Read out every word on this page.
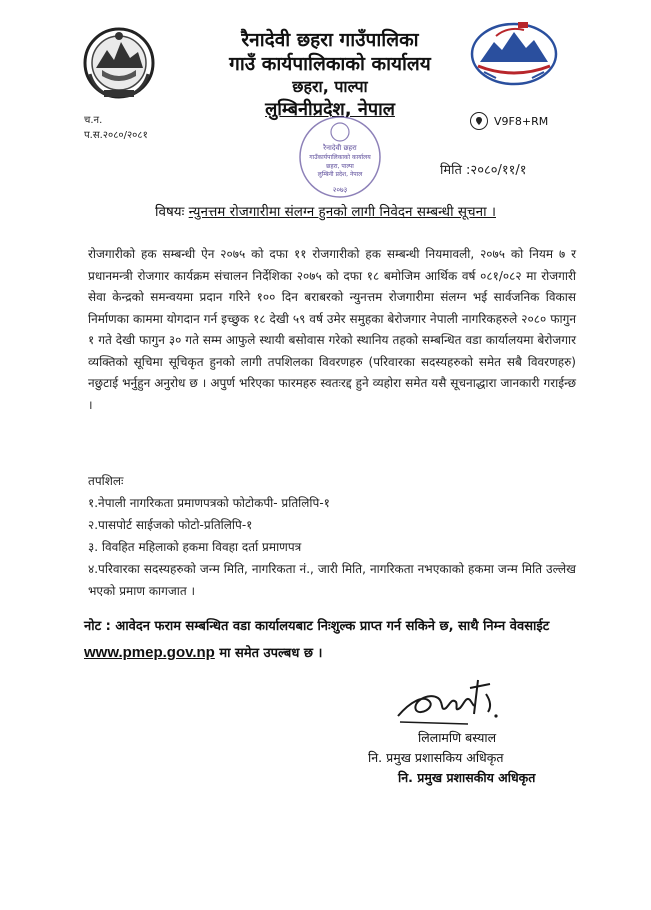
रैनादेवी छहरा गाउँपालिका
गाउँ कार्यपालिकाको कार्यालय
छहरा, पाल्पा
लुम्बिनीप्रदेश, नेपाल
च.न.
प.स.२०८०/२०८१
V9F8+RM
रैनादेवी छहरा
गाउँकार्यपालिकाको कार्यालय
छहरा, पाल्पा
लुम्बिनी प्रदेश, नेपाल
२०७३
मिति :२०८०/११/१
विषयः न्युनत्तम रोजगारीमा संलग्न हुनको लागी निवेदन सम्बन्धी सूचना ।
रोजगारीको हक सम्बन्धी ऐन २०७५ को दफा ११ रोजगारीको हक सम्बन्धी नियमावली, २०७५ को नियम ७ र प्रधानमन्त्री रोजगार कार्यक्रम संचालन निर्देशिका २०७५ को दफा १८ बमोजिम आर्थिक वर्ष ०८१/०८२ मा रोजगारी सेवा केन्द्रको समन्वयमा प्रदान गरिने १०० दिन बराबरको न्युनत्तम रोजगारीमा संलग्न भई सार्वजनिक विकास निर्माणका काममा योगदान गर्न इच्छुक १८ देखी ५९ वर्ष उमेर समुहका बेरोजगार नेपाली नागरिकहरुले २०८० फागुन १ गते देखी फागुन ३० गते सम्म आफुले स्थायी बसोवास गरेको स्थानिय तहको सम्बन्धित वडा कार्यालयमा बेरोजगार व्यक्तिको सूचिमा सूचिकृत हुनको लागी तपशिलका विवरणहरु (परिवारका सदस्यहरुको समेत सबै विवरणहरु) नछुटाई भर्नुहुन अनुरोध छ । अपुर्ण भरिएका फारमहरु स्वतःरद्द हुने व्यहोरा समेत यसै सूचनाद्धारा जानकारी गराईन्छ ।
तपशिलः
१.नेपाली नागरिकता प्रमाणपत्रको फोटोकपी- प्रतिलिपि-१
२.पासपोर्ट साईजको फोटो-प्रतिलिपि-१
३. विवहित महिलाको हकमा विवहा दर्ता प्रमाणपत्र
४.परिवारका सदस्यहरुको जन्म मिति, नागरिकता नं., जारी मिति, नागरिकता नभएकाको हकमा जन्म मिति उल्लेख भएको प्रमाण कागजात ।
नोट : आवेदन फराम सम्बन्धित वडा कार्यालयबाट निःशुल्क प्राप्त गर्न सकिने छ, साथै निम्न वेवसाईट www.pmep.gov.np मा समेत उपल्बध छ ।
लिलामणि बस्याल
नि. प्रमुख प्रशासकिय अधिकृत
नि. प्रमुख प्रशासकीय अधिकृत
